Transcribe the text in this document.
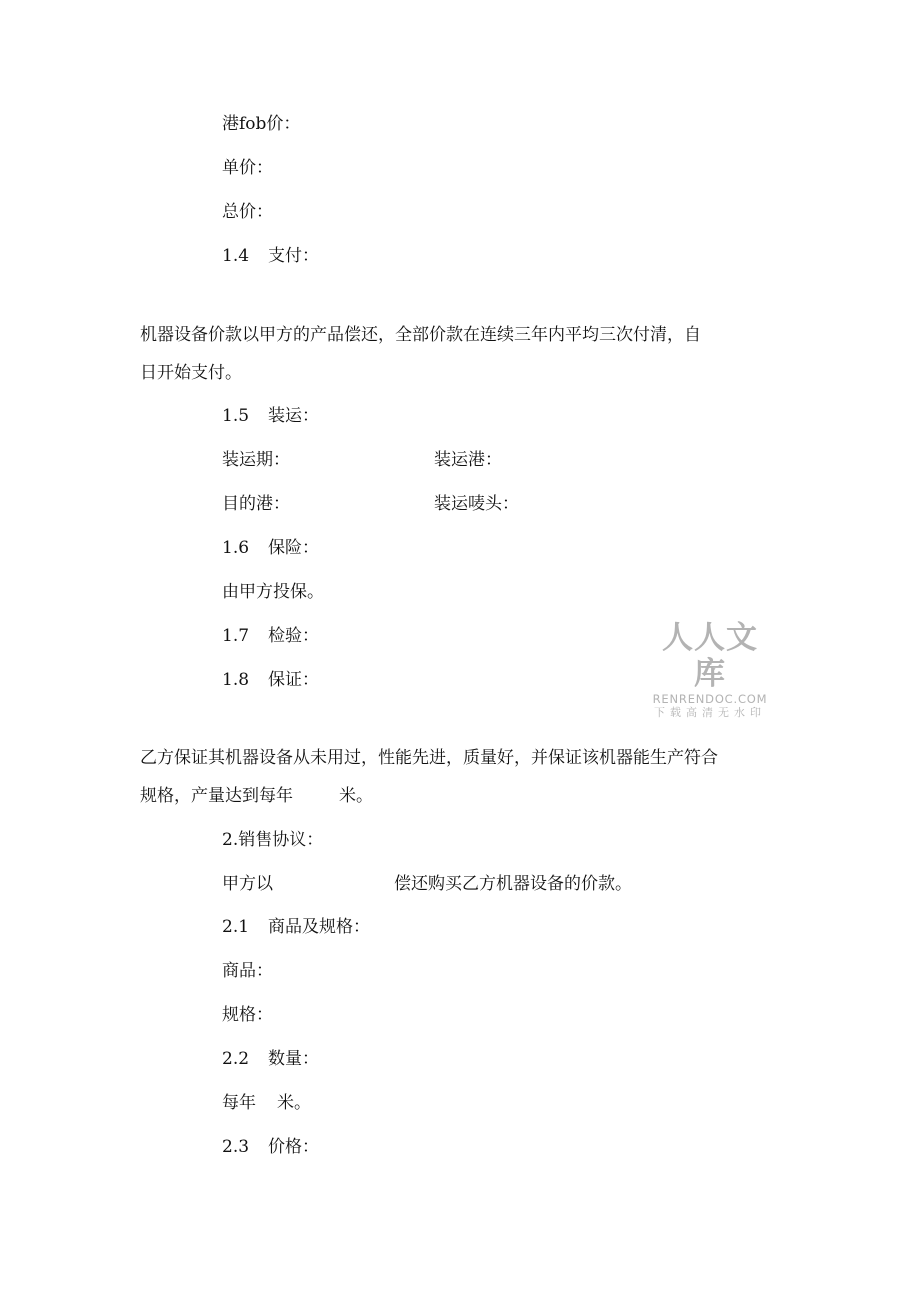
港fob价：
单价：
总价：
1.4 支付：
机器设备价款以甲方的产品偿还，全部价款在连续三年内平均三次付清，自
日开始支付。
1.5 装运：
装运期：	装运港：
目的港：	装运唛头：
1.6 保险：
由甲方投保。
1.7 检验：
1.8 保证：
乙方保证其机器设备从未用过，性能先进，质量好，并保证该机器能生产符合
规格，产量达到每年	米。
2.销售协议：
甲方以	偿还购买乙方机器设备的价款。
2.1 商品及规格：
商品：
规格：
2.2 数量：
每年 米。
2.3 价格：
人人文库
RENRENDOC.COM
下载高清无水印
